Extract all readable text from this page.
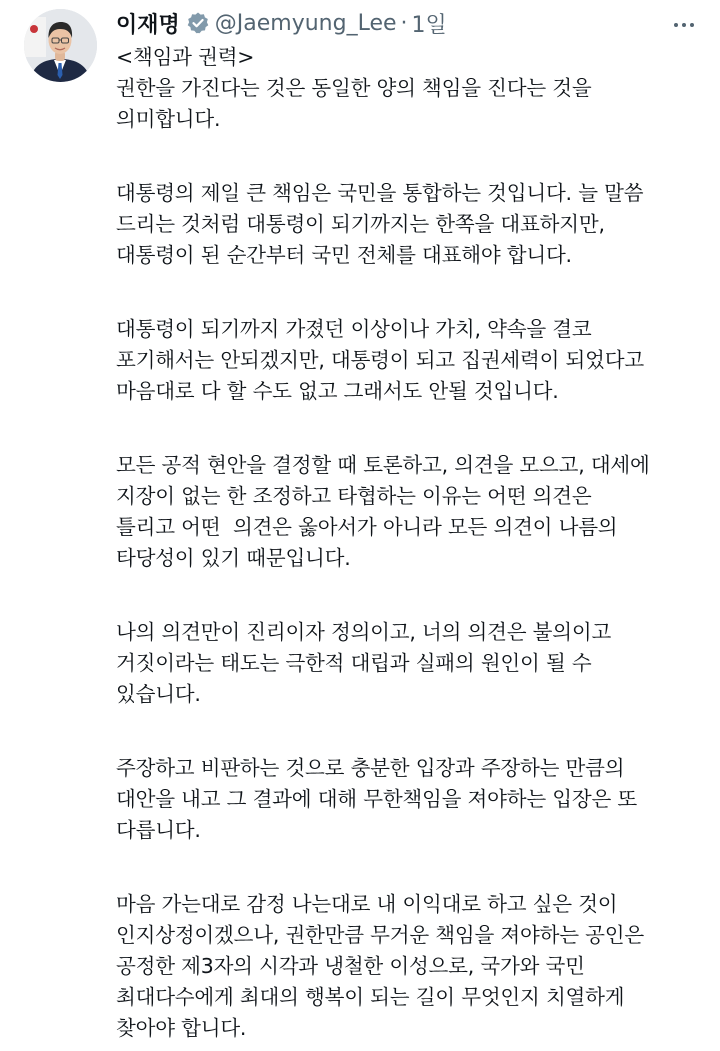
이재명 @Jaemyung_Lee · 1일
<책임과 권력>
권한을 가진다는 것은 동일한 양의 책임을 진다는 것을
의미합니다.
대통령의 제일 큰 책임은 국민을 통합하는 것입니다. 늘 말씀
드리는 것처럼 대통령이 되기까지는 한쪽을 대표하지만,
대통령이 된 순간부터 국민 전체를 대표해야 합니다.
대통령이 되기까지 가졌던 이상이나 가치, 약속을 결코
포기해서는 안되겠지만, 대통령이 되고 집권세력이 되었다고
마음대로 다 할 수도 없고 그래서도 안될 것입니다.
모든 공적 현안을 결정할 때 토론하고, 의견을 모으고, 대세에
지장이 없는 한 조정하고 타협하는 이유는 어떤 의견은
틀리고 어떤  의견은 옳아서가 아니라 모든 의견이 나름의
타당성이 있기 때문입니다.
나의 의견만이 진리이자 정의이고, 너의 의견은 불의이고
거짓이라는 태도는 극한적 대립과 실패의 원인이 될 수
있습니다.
주장하고 비판하는 것으로 충분한 입장과 주장하는 만큼의
대안을 내고 그 결과에 대해 무한책임을 져야하는 입장은 또
다릅니다.
마음 가는대로 감정 나는대로 내 이익대로 하고 싶은 것이
인지상정이겠으나, 권한만큼 무거운 책임을 져야하는 공인은
공정한 제3자의 시각과 냉철한 이성으로, 국가와 국민
최대다수에게 최대의 행복이 되는 길이 무엇인지 치열하게
찾아야 합니다.
